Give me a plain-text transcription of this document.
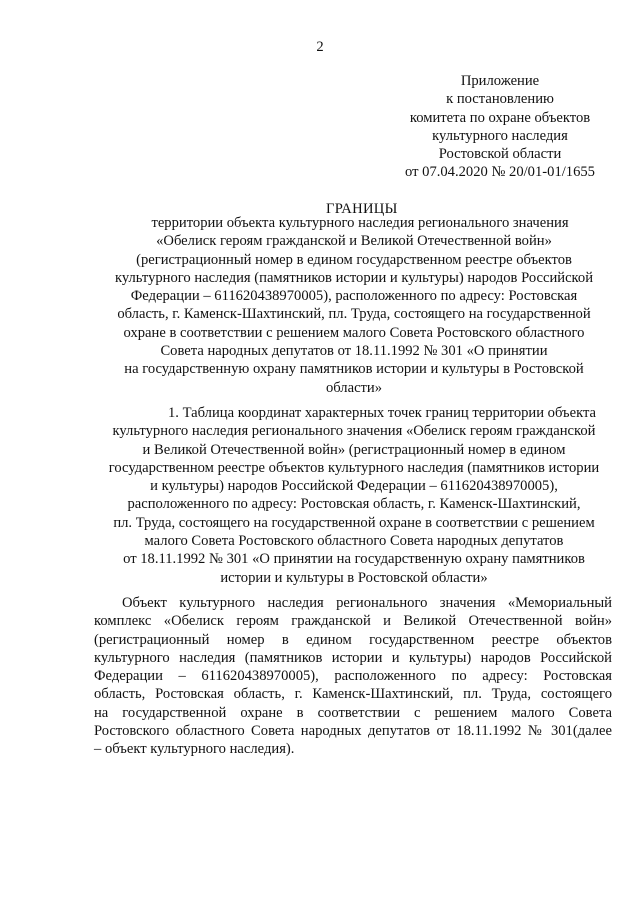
2
Приложение
к постановлению
комитета по охране объектов
культурного наследия
Ростовской области
от 07.04.2020 № 20/01-01/1655
ГРАНИЦЫ
территории объекта культурного наследия регионального значения
«Обелиск героям гражданской и Великой Отечественной войн»
(регистрационный номер в едином государственном реестре объектов
культурного наследия (памятников истории и культуры) народов Российской
Федерации – 611620438970005), расположенного по адресу: Ростовская
область, г. Каменск-Шахтинский, пл. Труда, состоящего на государственной
охране в соответствии с решением малого Совета Ростовского областного
Совета народных депутатов от 18.11.1992 № 301 «О принятии
на государственную охрану памятников истории и культуры в Ростовской
области»
1. Таблица координат характерных точек границ территории объекта
культурного наследия регионального значения «Обелиск героям гражданской
и Великой Отечественной войн» (регистрационный номер в едином
государственном реестре объектов культурного наследия (памятников истории
и культуры) народов Российской Федерации – 611620438970005),
расположенного по адресу: Ростовская область, г. Каменск-Шахтинский,
пл. Труда, состоящего на государственной охране в соответствии с решением
малого Совета Ростовского областного Совета народных депутатов
от 18.11.1992 № 301 «О принятии на государственную охрану памятников
истории и культуры в Ростовской области»
Объект культурного наследия регионального значения «Мемориальный
комплекс «Обелиск героям гражданской и Великой Отечественной войн»
(регистрационный номер в едином государственном реестре объектов
культурного наследия (памятников истории и культуры) народов Российской
Федерации – 611620438970005), расположенного по адресу: Ростовская
область, Ростовская область, г. Каменск-Шахтинский, пл. Труда, состоящего
на государственной охране в соответствии с решением малого Совета
Ростовского областного Совета народных депутатов от 18.11.1992 № 301(далее
– объект культурного наследия).
